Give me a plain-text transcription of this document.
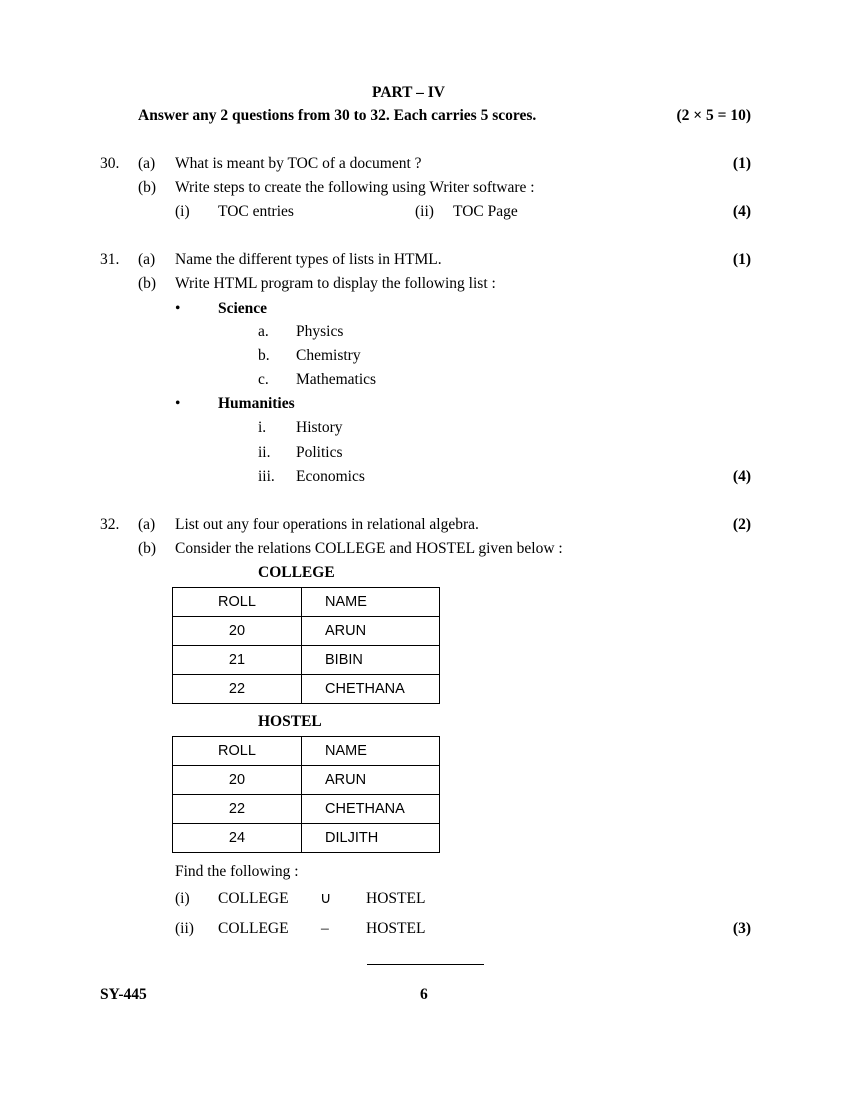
PART – IV
Answer any 2 questions from 30 to 32. Each carries 5 scores.	(2 × 5 = 10)
30. (a) What is meant by TOC of a document ?	(1)
(b) Write steps to create the following using Writer software :
(i) TOC entries	(ii) TOC Page	(4)
31. (a) Name the different types of lists in HTML.	(1)
(b) Write HTML program to display the following list :
• Science
a. Physics
b. Chemistry
c. Mathematics
• Humanities
i. History
ii. Politics
iii. Economics	(4)
32. (a) List out any four operations in relational algebra.	(2)
(b) Consider the relations COLLEGE and HOSTEL given below :
COLLEGE
ROLL	NAME
20	ARUN
21	BIBIN
22	CHETHANA
HOSTEL
ROLL	NAME
20	ARUN
22	CHETHANA
24	DILJITH
Find the following :
(i) COLLEGE ∪ HOSTEL
(ii) COLLEGE – HOSTEL	(3)
SY-445	6
